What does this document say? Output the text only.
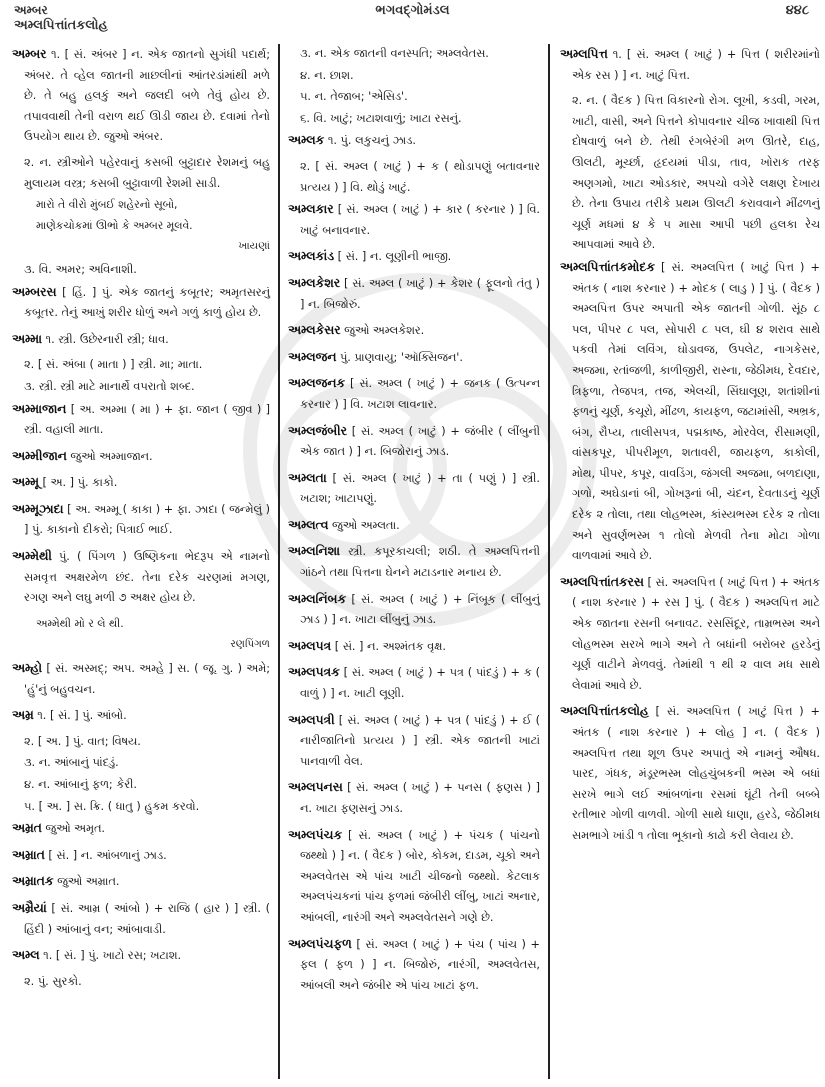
અમ્બર
અમ્લપિત્તાંતકલોહ
ભગવદ્ગોમંડલ	૪૪૮

અમ્બર ૧. [ સં. અંબર ] ન. એક જાતનો સુગંધી પદાર્થ; અંબર. તે વ્હેલ જાતની માછલીનાં આંતરડાંમાંથી મળે છે. તે બહુ હલકું અને જલદી બળે તેવું હોય છે. તપાવવાથી તેની વરાળ થઈ ઊડી જાય છે. દવામાં તેનો ઉપયોગ થાય છે. જુઓ અંબર.

૨. ન. સ્ત્રીઓને પહેરવાનું કસબી બુટ્ટાદાર રેશમનું બહુ મુલાયમ વસ્ત્ર; કસબી બુટ્ટાવાળી રેશમી સાડી.

મારો તે વીરો મુંબઈ શહેરનો સૂબો,

માણેકચોકમાં ઊભો કે અમ્બર મૂલવે.

ખાયણાં

૩. વિ. અમર; અવિનાશી.

અમ્બરસ [ હિં. ] પું. એક જાતનું કબૂતર; અમૃતસરનું કબૂતર. તેનું આખું શરીર ધોળું અને ગળું કાળું હોય છે.

અમ્મા ૧. સ્ત્રી. ઉછેરનારી સ્ત્રી; ધાવ.

૨. [ સં. અંબા ( માતા ) ] સ્ત્રી. મા; માતા.

૩. સ્ત્રી. સ્ત્રી માટે માનાર્થે વપરાતો શબ્દ.

અમ્માજાન [ અ. અમ્મા ( મા ) + ફા. જાન ( જીવ ) ] સ્ત્રી. વહાલી માતા.

અમ્મીજાન જુઓ અમ્માજાન.

અમ્મૂ [ અ. ] પું. કાકો.

અમ્મૂઝાદા [ અ. અમ્મૂ ( કાકા ) + ફા. ઝાદા ( જન્મેલું ) ] પું. કાકાનો દીકરો; પિત્રાઈ ભાઈ.

અમ્મેથી પું. ( પિંગળ ) ઉષ્ણિકના ભેદરૂપ એ નામનો સમવૃત્ત અક્ષરમેળ છંદ. તેના દરેક ચરણમાં મગણ, રગણ અને લઘુ મળી ૭ અક્ષર હોય છે.

અમ્મેથી મો ર લે થી.

રણપિંગળ

અમ્હો [ સં. અસ્મદ્; અપ. અમ્હે ] સ. ( જૂ. ગુ. ) અમે; 'હું'નું બહુવચન.

અમ્ર ૧. [ સં. ] પું. આંબો.

૨. [ અ. ] પું. વાત; વિષય.

૩. ન. આંબાનું પાંદડું.

૪. ન. આંબાનું ફળ; કેરી.

૫. [ અ. ] સ. ક્રિ. ( ધાતુ ) હુકમ કરવો.

અમ્રત જુઓ અમૃત.

અમ્રાત [ સં. ] ન. આંબળાનું ઝાડ.

અમ્રાતક જુઓ અમ્રાત.

અમ્રૈયાં [ સં. આમ્ર ( આંબો ) + રાજિ ( હાર ) ] સ્ત્રી. ( હિંદી ) આંબાનું વન; આંબાવાડી.

અમ્લ ૧. [ સં. ] પું. ખાટો રસ; ખટાશ.

૨. પું. સુરકો.

૩. ન. એક જાતની વનસ્પતિ; અમ્લવેતસ.

૪. ન. છાશ.

૫. ન. તેજાબ; 'એસિડ'.

૬. વિ. ખાટું; ખટાશવાળું; ખાટા રસનું.

અમ્લક ૧. પું. લકુચનું ઝાડ.

૨. [ સં. અમ્લ ( ખાટું ) + ક ( થોડાપણું બતાવનાર પ્રત્યય ) ] વિ. થોડું ખાટું.

અમ્લકાર [ સં. અમ્લ ( ખાટું ) + કાર ( કરનાર ) ] વિ. ખાટું બનાવનાર.

અમ્લકાંડ [ સં. ] ન. લૂણીની ભાજી.

અમ્લકેશર [ સં. અમ્લ ( ખાટું ) + કેશર ( ફૂલનો તંતુ ) ] ન. બિજોરું.

અમ્લકેસર જુઓ અમ્લકેશર.

અમ્લજન પું. પ્રાણવાયુ; 'ઑક્સિજન'.

અમ્લજનક [ સં. અમ્લ ( ખાટું ) + જનક ( ઉત્પન્ન કરનાર ) ] વિ. ખટાશ લાવનાર.

અમ્લજંબીર [ સં. અમ્લ ( ખાટું ) + જંબીર ( લીંબુની એક જાત ) ] ન. બિજોરાનું ઝાડ.

અમ્લતા [ સં. અમ્લ ( ખાટું ) + તા ( પણું ) ] સ્ત્રી. ખટાશ; ખાટાપણું.

અમ્લત્વ જુઓ અમ્લતા.

અમ્લનિશા સ્ત્રી. કપૂરકાચલી; શઠી. તે અમ્લપિત્તની ગાંઠને તથા પિત્તના ઘેનને મટાડનાર મનાય છે.

અમ્લનિંબક [ સં. અમ્લ ( ખાટું ) + નિંબૂક ( લીંબુનું ઝાડ ) ] ન. ખાટા લીંબુનું ઝાડ.

અમ્લપત્ર [ સં. ] ન. અશ્મંતક વૃક્ષ.

અમ્લપત્રક [ સં. અમ્લ ( ખાટું ) + પત્ર ( પાંદડું ) + ક ( વાળું ) ] ન. ખાટી લૂણી.

અમ્લપત્રી [ સં. અમ્લ ( ખાટું ) + પત્ર ( પાંદડું ) + ઈ ( નારીજાતિનો પ્રત્યય ) ] સ્ત્રી. એક જાતની ખાટાં પાનવાળી વેલ.

અમ્લપનસ [ સં. અમ્લ ( ખાટું ) + પનસ ( ફણસ ) ] ન. ખાટા ફણસનું ઝાડ.

અમ્લપંચક [ સં. અમ્લ ( ખાટું ) + પંચક ( પાંચનો જથ્થો ) ] ન. ( વૈદક ) બોર, કોકમ, દાડમ, ચૂકો અને અમ્લવેતસ એ પાંચ ખાટી ચીજનો જથ્થો. કેટલાક અમ્લપંચકનાં પાંચ ફળમાં જંબીરી લીંબુ, ખાટાં અનાર, આંબલી, નારંગી અને અમ્લવેતસને ગણે છે.

અમ્લપંચફળ [ સં. અમ્લ ( ખાટું ) + પંચ ( પાંચ ) + ફલ ( ફળ ) ] ન. બિજોરું, નારંગી, અમ્લવેતસ, આંબલી અને જંબીર એ પાંચ ખાટાં ફળ.

અમ્લપિત્ત ૧. [ સં. અમ્લ ( ખાટું ) + પિત્ત ( શરીરમાંનો એક રસ ) ] ન. ખાટું પિત્ત.

૨. ન. ( વૈદક ) પિત્ત વિકારનો રોગ. લૂખી, કડવી, ગરમ, ખાટી, વાસી, અને પિત્તને કોપાવનાર ચીજ ખાવાથી પિત્ત દોષવાળું બને છે. તેથી રંગબેરંગી મળ ઊતરે, દાહ, ઊલટી, મૂર્ચ્છા, હૃદયમાં પીડા, તાવ, ખોરાક તરફ અણગમો, ખાટા ઓડકાર, અપચો વગેરે લક્ષણ દેખાય છે. તેના ઉપાય તરીકે પ્રથમ ઊલટી કરાવવાને મીંઢળનું ચૂર્ણ મધમાં ૪ કે ૫ માસા આપી પછી હલકા રેચ આપવામાં આવે છે.

અમ્લપિત્તાંતકમોદક [ સં. અમ્લપિત્ત ( ખાટું પિત્ત ) + અંતક ( નાશ કરનાર ) + મોદક ( લાડુ ) ] પું. ( વૈદક ) અમ્લપિત્ત ઉપર અપાતી એક જાતની ગોળી. સૂંઠ ૮ પલ, પીપર ૮ પલ, સોપારી ૮ પલ, ઘી ૪ શરાવ સાથે પકવી તેમાં લવિંગ, ઘોડાવજ, ઉપલેટ, નાગકેસર, અજમા, રતાંજળી, કાળીજીરી, રાસ્ના, જેઠીમધ, દેવદાર, ત્રિફળા, તેજપત્ર, તજ, એલચી, સિંઘાલૂણ, શતાંશીનાં ફળનું ચૂર્ણ, કચૂરો, મીંઢળ, કાયફળ, જટામાંસી, અભ્રક, બંગ, રૌપ્ય, તાલીસપત્ર, પદ્મકાષ્ઠ, મોરવેલ, રીસામણી, વાંસકપૂર, પીપરીમૂળ, શતાવરી, જાયફળ, કાકોલી, મોથ, પીપર, કપૂર, વાવડિંગ, જંગલી અજમા, બળદાણા, ગળો, અઘેડાનાં બી, ગોખરૂનાં બી, ચંદન, દેવતાડનું ચૂર્ણ દરેક ૨ તોલા, તથા લોહભસ્મ, કાંસ્યભસ્મ દરેક ૨ તોલા અને સુવર્ણભસ્મ ૧ તોલો મેળવી તેના મોટા ગોળા વાળવામાં આવે છે.

અમ્લપિત્તાંતકરસ [ સં. અમ્લપિત્ત ( ખાટું પિત્ત ) + અંતક ( નાશ કરનાર ) + રસ ] પું. ( વૈદક ) અમ્લપિત્ત માટે એક જાતના રસની બનાવટ. રસસિંદૂર, તામ્રભસ્મ અને લોહભસ્મ સરખે ભાગે અને તે બધાંની બરોબર હરડેનું ચૂર્ણ વાટીને મેળવવું. તેમાંથી ૧ થી ૨ વાલ મધ સાથે લેવામાં આવે છે.

અમ્લપિત્તાંતકલોહ [ સં. અમ્લપિત્ત ( ખાટું પિત્ત ) + અંતક ( નાશ કરનાર ) + લોહ ] ન. ( વૈદક ) અમ્લપિત્ત તથા શૂળ ઉપર અપાતું એ નામનું ઔષધ. પારદ, ગંધક, મંડૂરભસ્મ લોહચુંબકની ભસ્મ એ બધાં સરખે ભાગે લઈ આંબળાંના રસમાં ઘૂંટી તેની બબ્બે રતીભાર ગોળી વાળવી. ગોળી સાથે ધાણા, હરડે, જેઠીમધ સમભાગે ખાંડી ૧ તોલા ભૂકાનો કાઢો કરી લેવાય છે.
